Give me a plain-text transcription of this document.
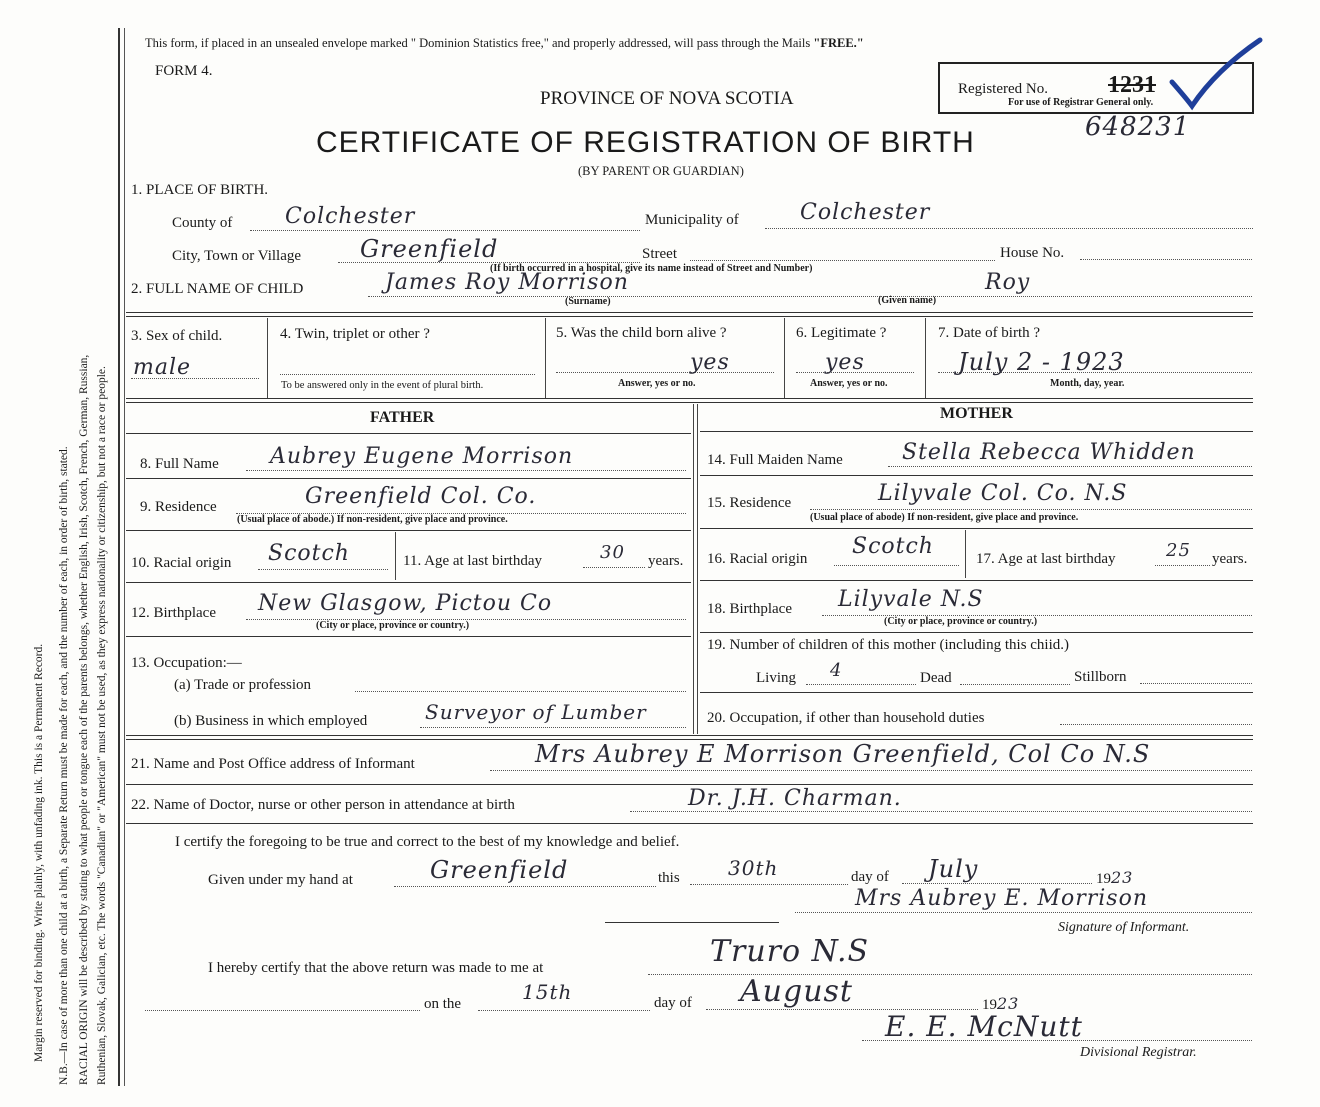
Margin reserved for binding. Write plainly, with unfading ink. This is a Permanent Record. N.B.—In case of more than one child at a birth, a Separate Return must be made for each, and the number of each, in order of birth, stated. RACIAL ORIGIN will be described by stating to what people or tongue each of the parents belongs, whether English, Irish, Scotch, French, German, Russian, Ruthenian, Slovak, Galician, etc. The words "Canadian" or "American" must not be used, as they express nationality or citizenship, but not a race or people.
This form, if placed in an unsealed envelope marked " Dominion Statistics free," and properly addressed, will pass through the Mails "FREE."
FORM 4.
PROVINCE OF NOVA SCOTIA
CERTIFICATE OF REGISTRATION OF BIRTH
(BY PARENT OR GUARDIAN)
Registered No.	1231
For use of Registrar General only.
648231
1. PLACE OF BIRTH.
County of Colchester	Municipality of	Colchester
City, Town or Village Greenfield	Street	House No.
(If birth occurred in a hospital, give its name instead of Street and Number)
2. FULL NAME OF CHILD	James Roy Morrison	Roy
(Surname)	(Given name)
3. Sex of child.
male
4. Twin, triplet or other ?
To be answered only in the event of plural birth.
5. Was the child born alive ?
yes
Answer, yes or no.
6. Legitimate ?
yes
Answer, yes or no.
7. Date of birth ?
July 2 - 1923
Month, day, year.
FATHER	MOTHER
8. Full Name Aubrey Eugene Morrison
9. Residence	Greenfield Col. Co.
(Usual place of abode.) If non-resident, give place and province.
10. Racial origin Scotch	11. Age at last birthday	30 years.
12. Birthplace New Glasgow, Pictou Co
(City or place, province or country.)
13. Occupation:—
(a) Trade or profession
(b) Business in which employed	Surveyor of Lumber
14. Full Maiden Name	Stella Rebecca Whidden
15. Residence	Lilyvale Col. Co. N.S
(Usual place of abode) If non-resident, give place and province.
16. Racial origin Scotch	17. Age at last birthday	25 years.
18. Birthplace Lilyvale N.S
(City or place, province or country.)
19. Number of children of this mother (including this chiid.)
Living 4	Dead	Stillborn
20. Occupation, if other than household duties
21. Name and Post Office address of Informant	Mrs Aubrey E Morrison Greenfield, Col Co N.S
22. Name of Doctor, nurse or other person in attendance at birth	Dr. J.H. Charman.
I certify the foregoing to be true and correct to the best of my knowledge and belief.
Given under my hand at	Greenfield	this 30th	day of July	1923
Mrs Aubrey E. Morrison
Signature of Informant.
I hereby certify that the above return was made to me at	Truro N.S
on the	15th	day of August	1923
E. E. McNutt
Divisional Registrar.
